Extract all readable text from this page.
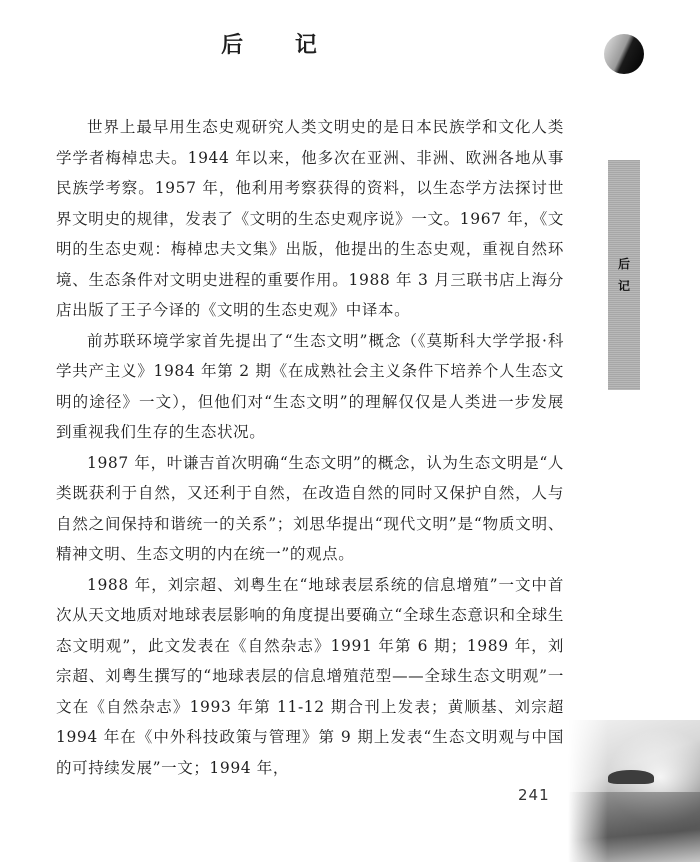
后 记
后记

世界上最早用生态史观研究人类文明史的是日本民族学和文化人类学学者梅棹忠夫。1944 年以来，他多次在亚洲、非洲、欧洲各地从事民族学考察。1957 年，他利用考察获得的资料，以生态学方法探讨世界文明史的规律，发表了《文明的生态史观序说》一文。1967 年，《文明的生态史观：梅棹忠夫文集》出版，他提出的生态史观，重视自然环境、生态条件对文明史进程的重要作用。1988 年 3 月三联书店上海分店出版了王子今译的《文明的生态史观》中译本。

前苏联环境学家首先提出了“生态文明”概念（《莫斯科大学学报·科学共产主义》1984 年第 2 期《在成熟社会主义条件下培养个人生态文明的途径》一文），但他们对“生态文明”的理解仅仅是人类进一步发展到重视我们生存的生态状况。

1987 年，叶谦吉首次明确“生态文明”的概念，认为生态文明是“人类既获利于自然，又还利于自然，在改造自然的同时又保护自然，人与自然之间保持和谐统一的关系”；刘思华提出“现代文明”是“物质文明、精神文明、生态文明的内在统一”的观点。

1988 年，刘宗超、刘粤生在“地球表层系统的信息增殖”一文中首次从天文地质对地球表层影响的角度提出要确立“全球生态意识和全球生态文明观”，此文发表在《自然杂志》1991 年第 6 期；1989 年，刘宗超、刘粤生撰写的“地球表层的信息增殖范型——全球生态文明观”一文在《自然杂志》1993 年第 11-12 期合刊上发表；黄顺基、刘宗超 1994 年在《中外科技政策与管理》第 9 期上发表“生态文明观与中国的可持续发展”一文；1994 年，

241
